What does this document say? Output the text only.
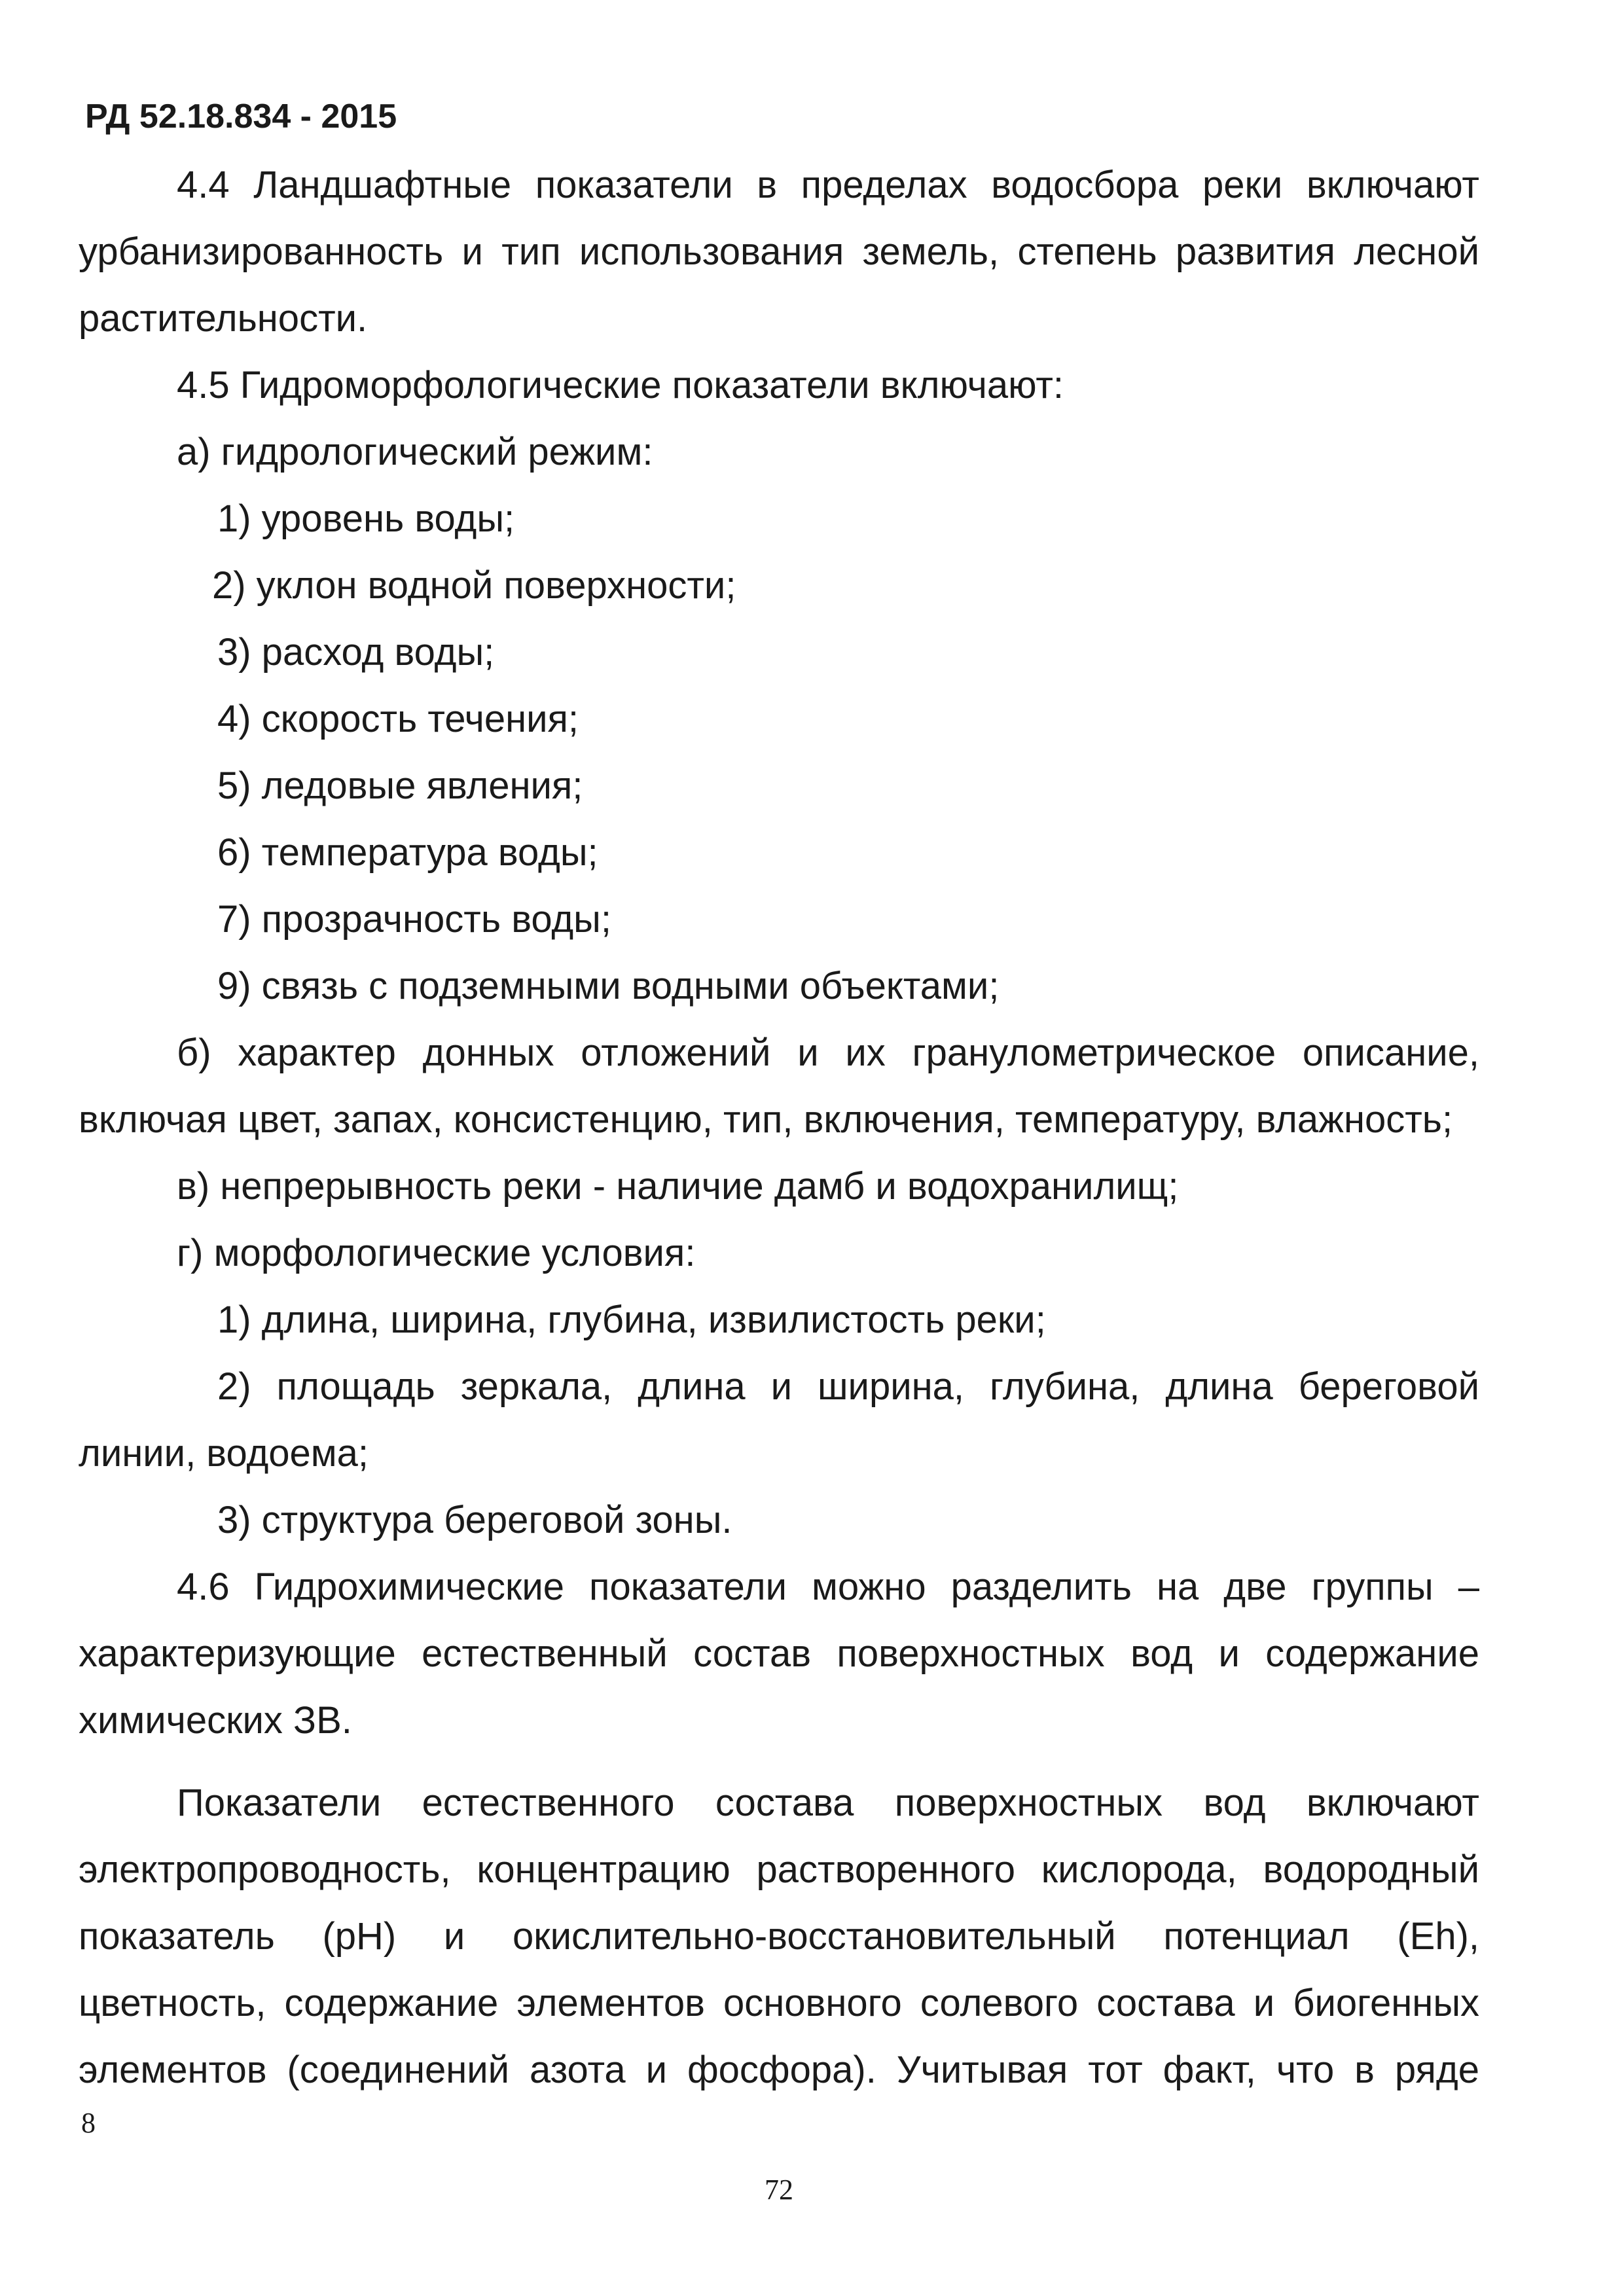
РД 52.18.834 - 2015

4.4 Ландшафтные показатели в пределах водосбора реки включают урбанизированность и тип использования земель, степень развития лесной растительности.

4.5 Гидроморфологические показатели включают:

а) гидрологический режим:

1) уровень воды;

2) уклон водной поверхности;

3) расход воды;

4) скорость течения;

5) ледовые явления;

6) температура воды;

7) прозрачность воды;

9) связь с подземными водными объектами;

б) характер донных отложений и их гранулометрическое описание, включая цвет, запах, консистенцию, тип, включения, температуру, влажность;

в) непрерывность реки - наличие дамб и водохранилищ;

г) морфологические условия:

1) длина, ширина, глубина, извилистость реки;

2) площадь зеркала, длина и ширина, глубина, длина береговой линии, водоема;

3) структура береговой зоны.

4.6 Гидрохимические показатели можно разделить на две группы – характеризующие естественный состав поверхностных вод и содержание химических ЗВ.

Показатели естественного состава поверхностных вод включают электропроводность, концентрацию растворенного кислорода, водородный показатель (pH) и окислительно-восстановительный потенциал (Eh), цветность, содержание элементов основного солевого состава и биогенных элементов (соединений азота и фосфора). Учитывая тот факт, что в ряде

8
72
